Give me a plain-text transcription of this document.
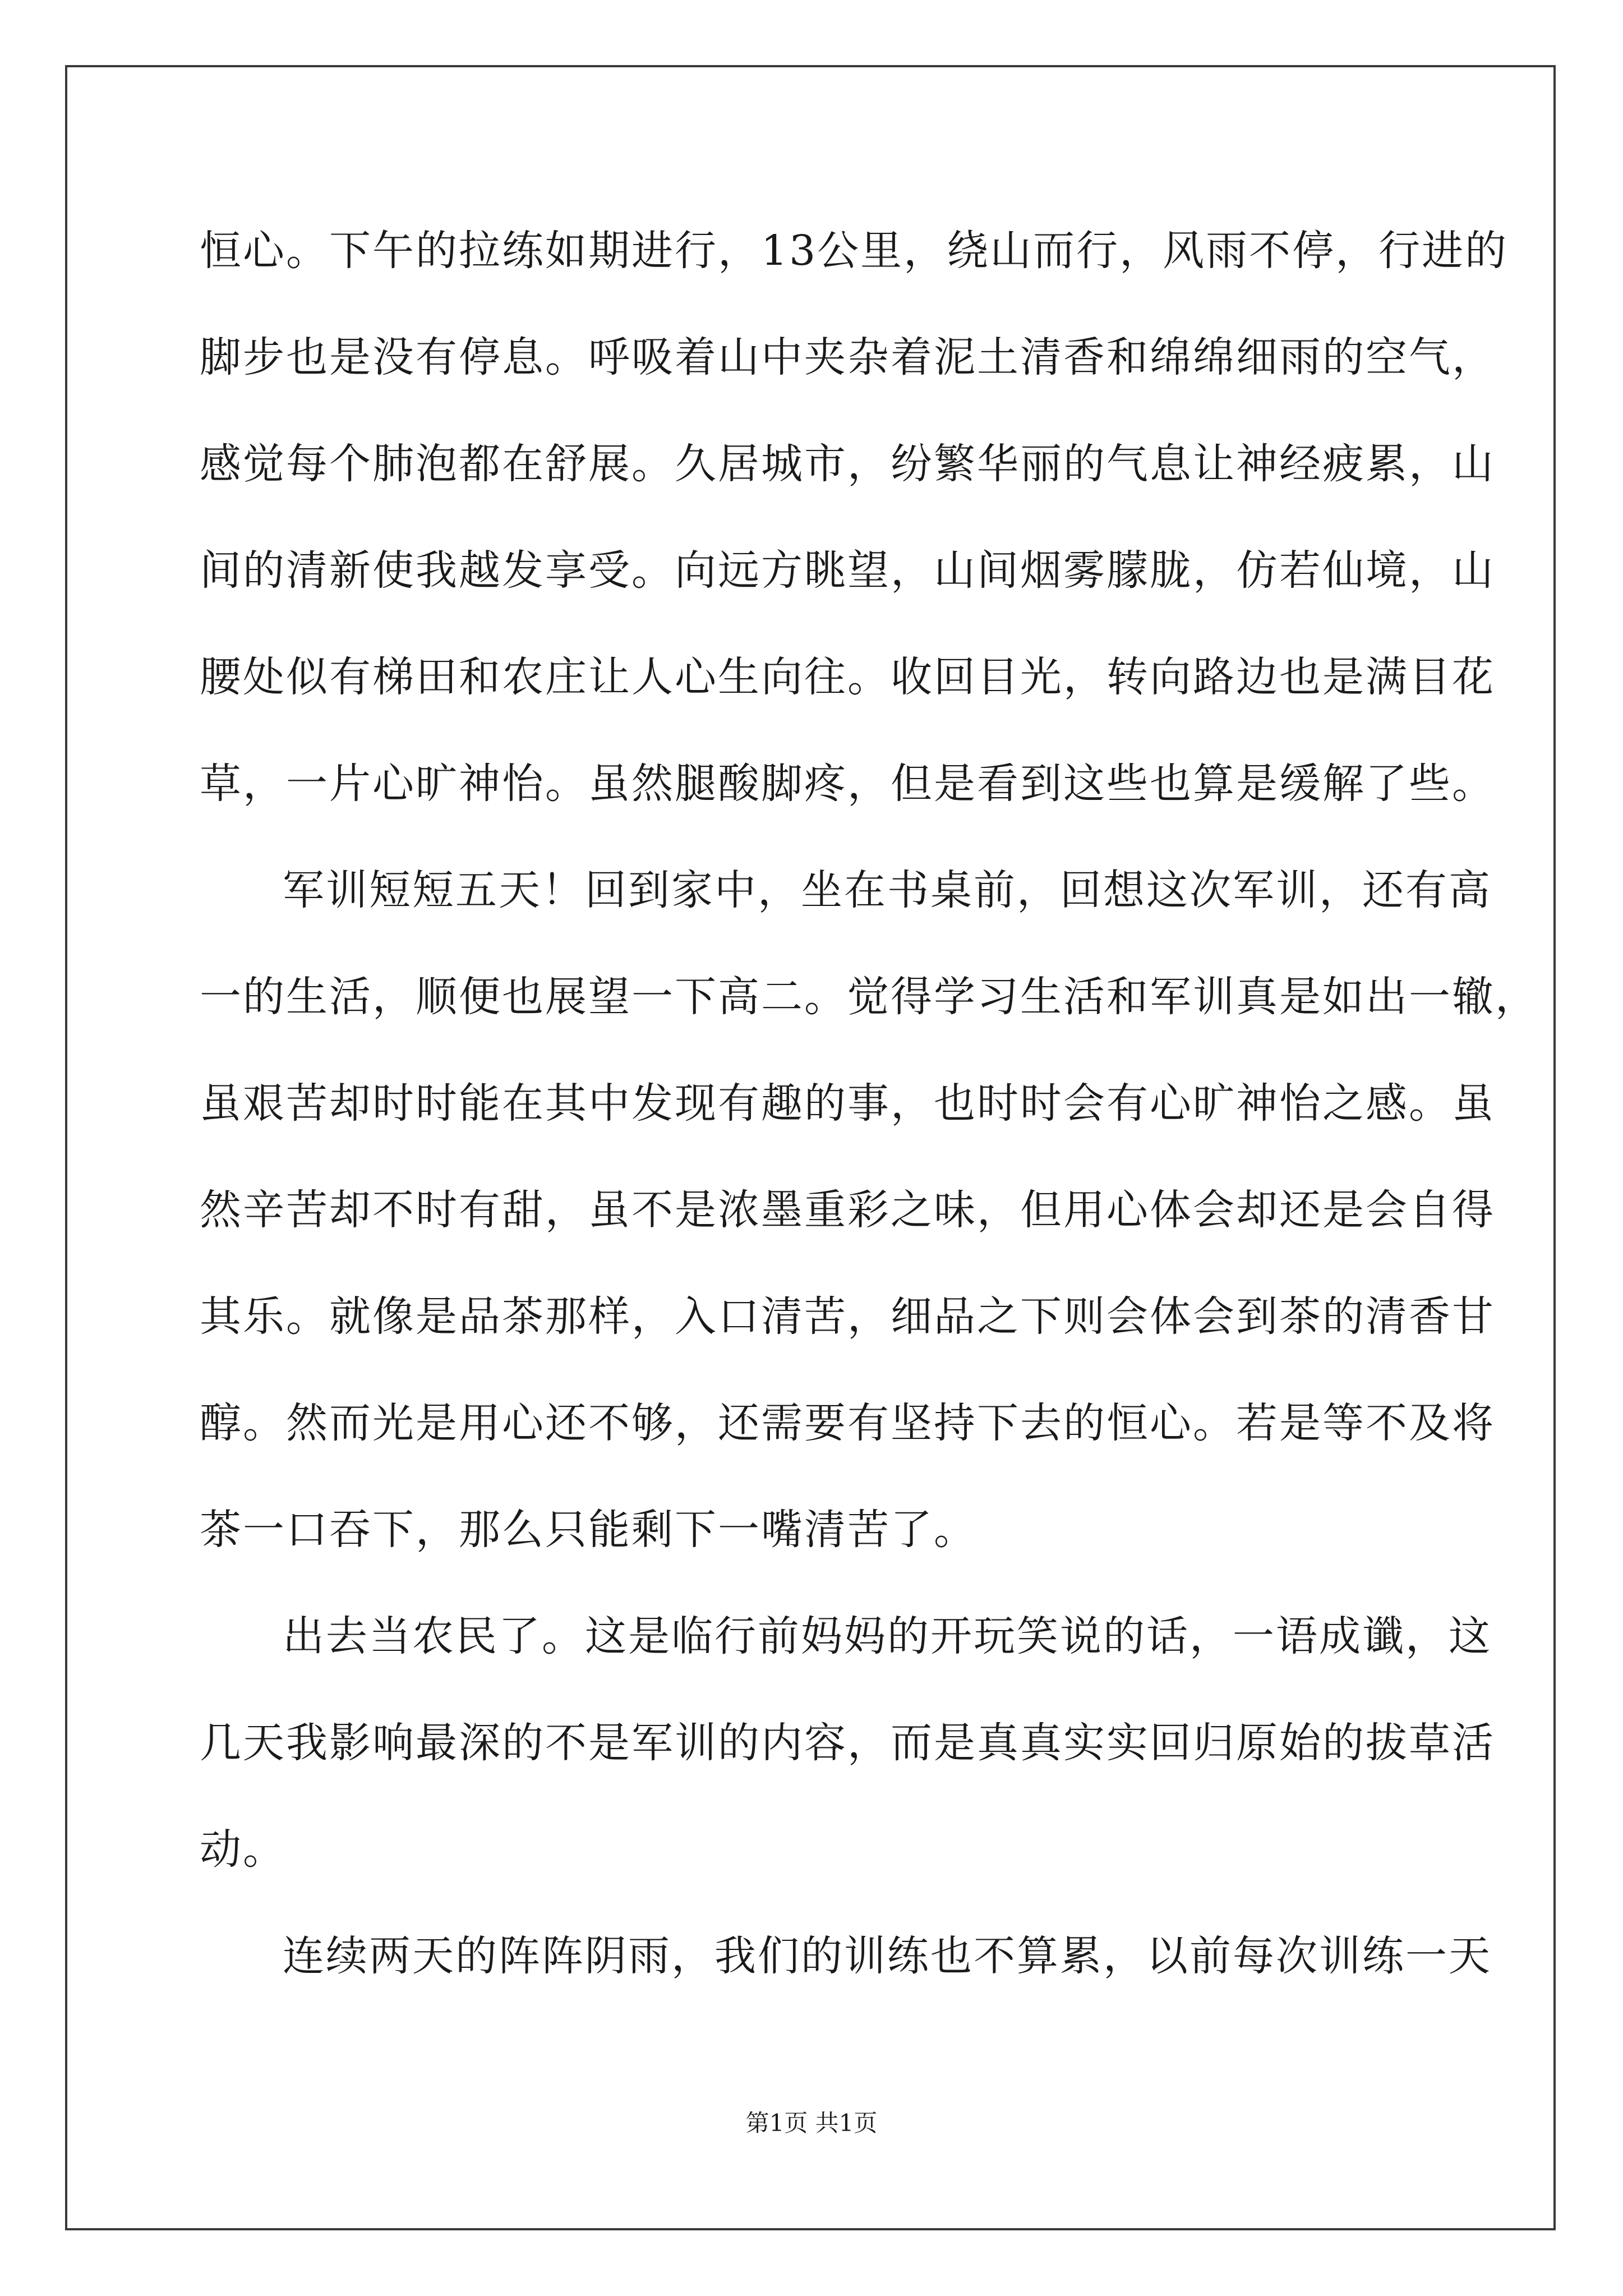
恒心。下午的拉练如期进行，13公里，绕山而行，风雨不停，行进的
脚步也是没有停息。呼吸着山中夹杂着泥土清香和绵绵细雨的空气，
感觉每个肺泡都在舒展。久居城市，纷繁华丽的气息让神经疲累，山
间的清新使我越发享受。向远方眺望，山间烟雾朦胧，仿若仙境，山
腰处似有梯田和农庄让人心生向往。收回目光，转向路边也是满目花
草，一片心旷神怡。虽然腿酸脚疼，但是看到这些也算是缓解了些。
军训短短五天！回到家中，坐在书桌前，回想这次军训，还有高
一的生活，顺便也展望一下高二。觉得学习生活和军训真是如出一辙，
虽艰苦却时时能在其中发现有趣的事，也时时会有心旷神怡之感。虽
然辛苦却不时有甜，虽不是浓墨重彩之味，但用心体会却还是会自得
其乐。就像是品茶那样，入口清苦，细品之下则会体会到茶的清香甘
醇。然而光是用心还不够，还需要有坚持下去的恒心。若是等不及将
茶一口吞下，那么只能剩下一嘴清苦了。
出去当农民了。这是临行前妈妈的开玩笑说的话，一语成谶，这
几天我影响最深的不是军训的内容，而是真真实实回归原始的拔草活
动。
连续两天的阵阵阴雨，我们的训练也不算累，以前每次训练一天
第1页 共1页
